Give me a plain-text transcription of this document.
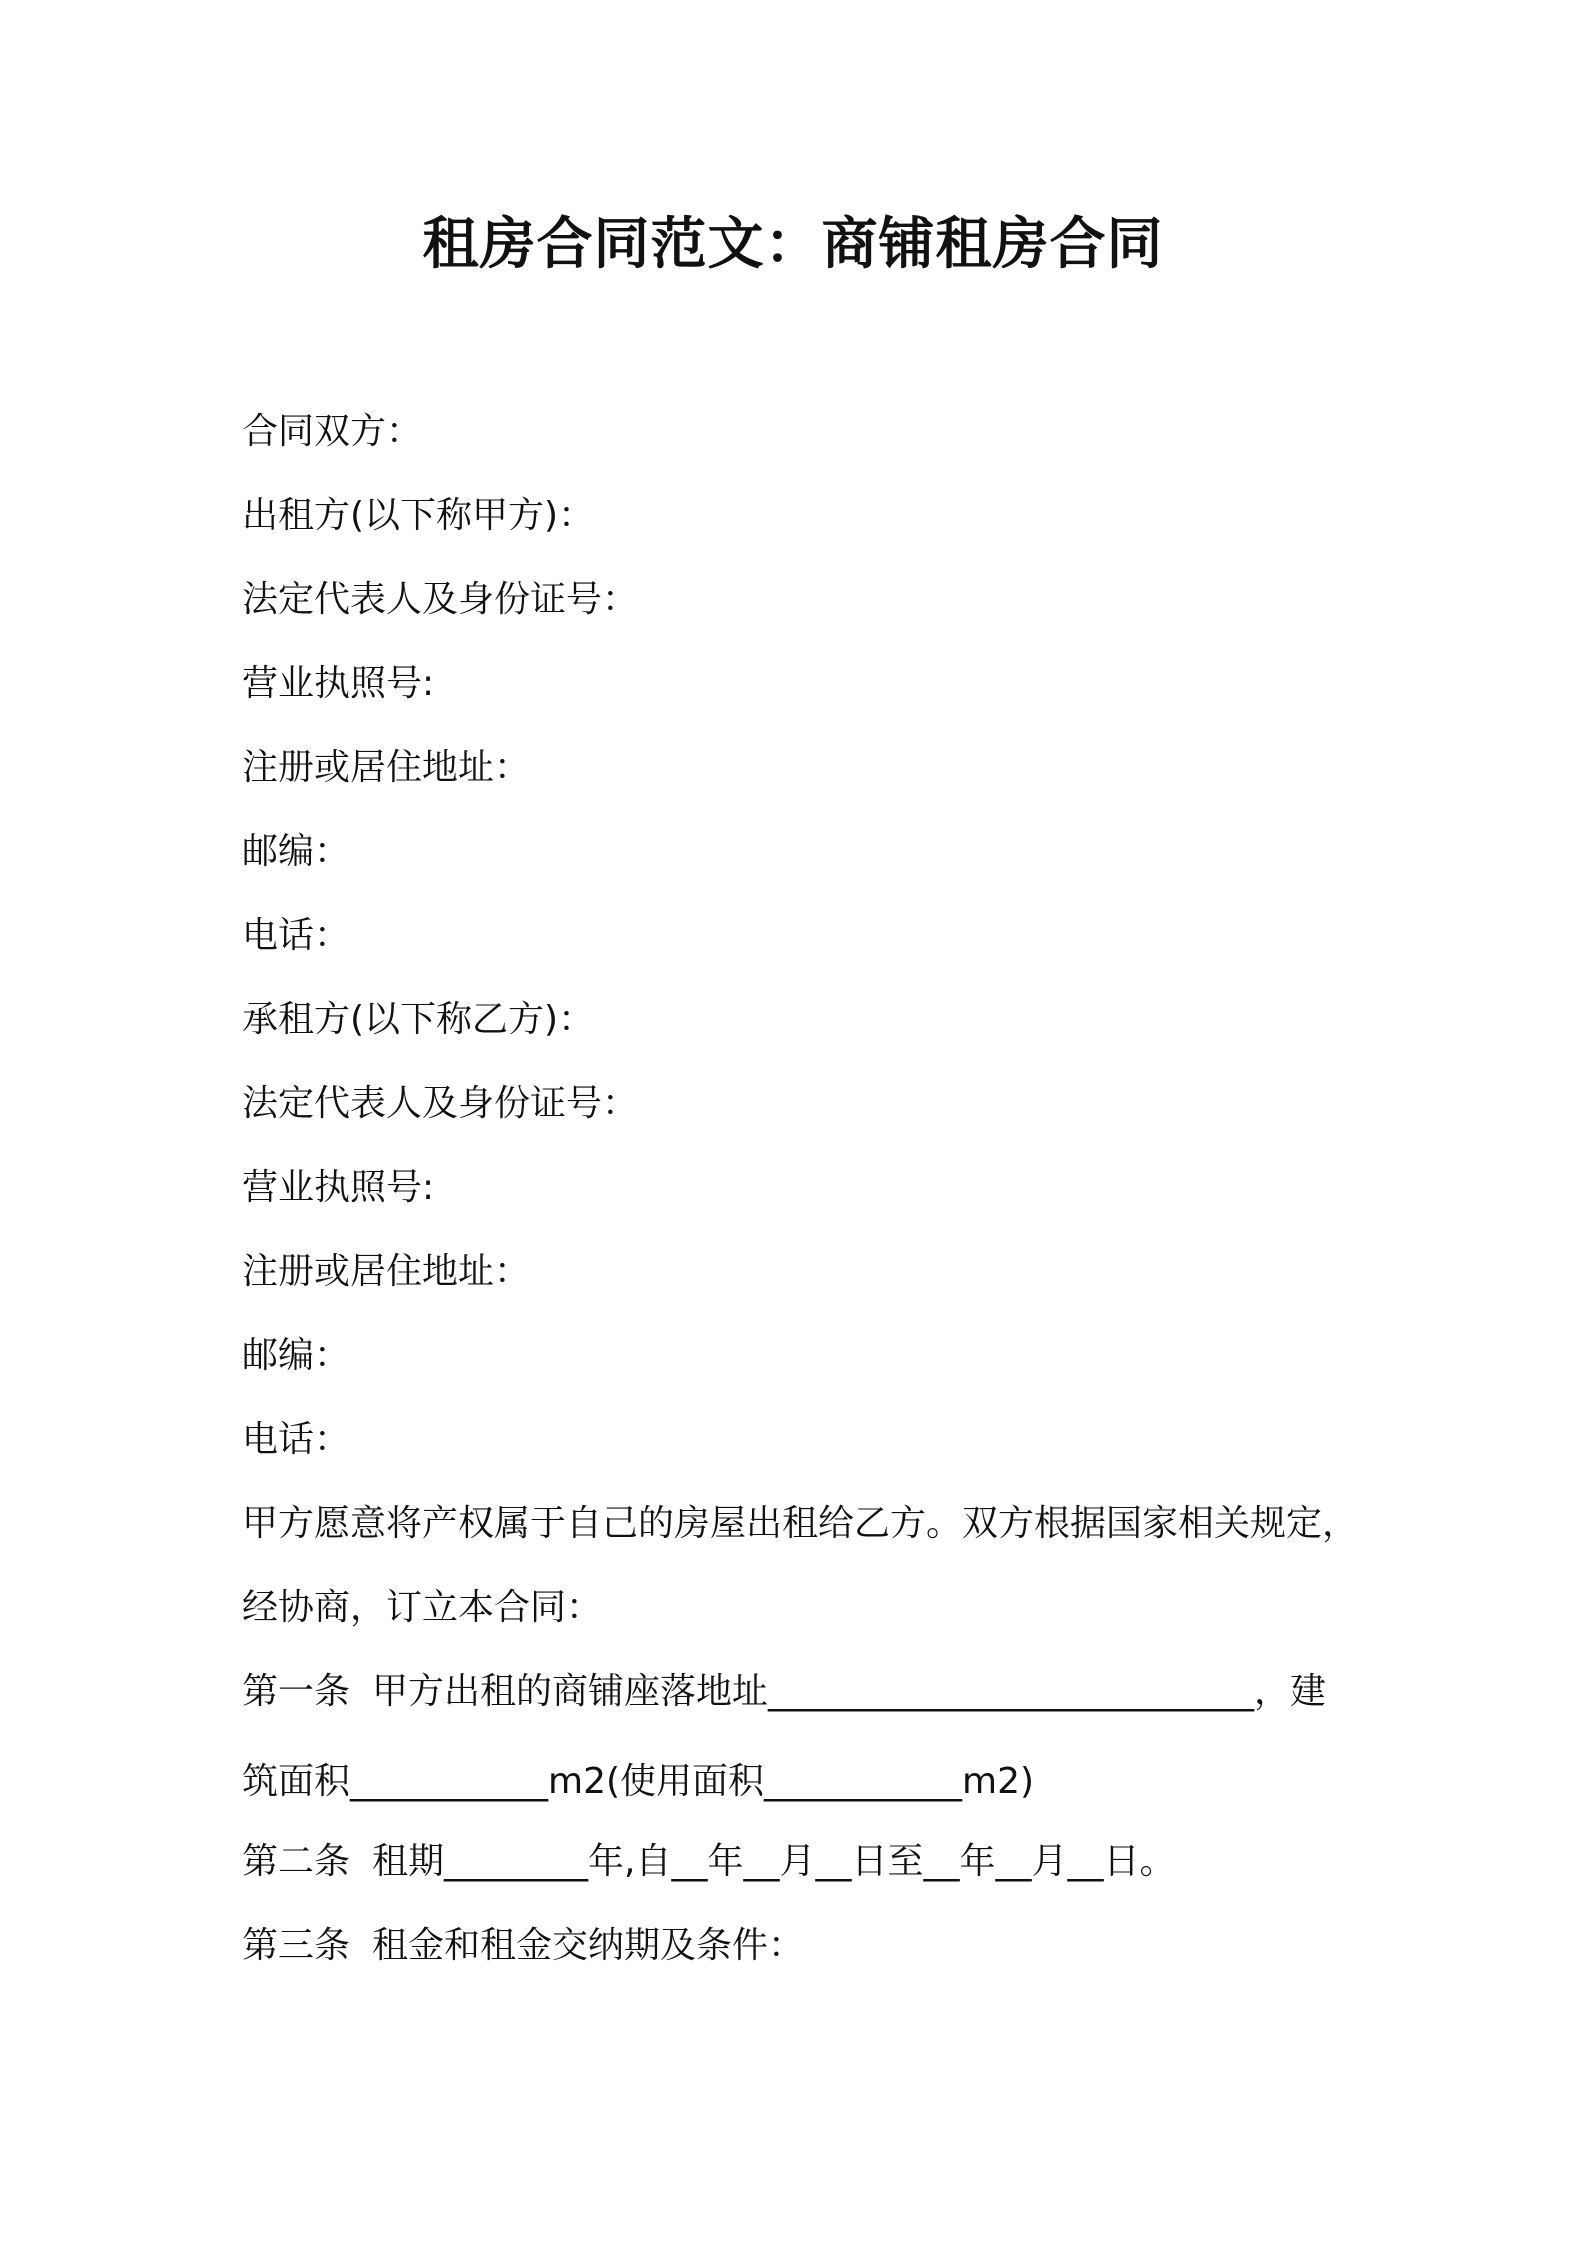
租房合同范文：商铺租房合同
合同双方：
出租方(以下称甲方)：
法定代表人及身份证号：
营业执照号:
注册或居住地址：
邮编：
电话：
承租方(以下称乙方)：
法定代表人及身份证号：
营业执照号:
注册或居住地址：
邮编：
电话：
甲方愿意将产权属于自己的房屋出租给乙方。双方根据国家相关规定，
经协商，订立本合同：
第一条 甲方出租的商铺座落地址___________________________，建
筑面积___________m2(使用面积___________m2)
第二条 租期________年,自__年__月__日至__年__月__日。
第三条 租金和租金交纳期及条件：
